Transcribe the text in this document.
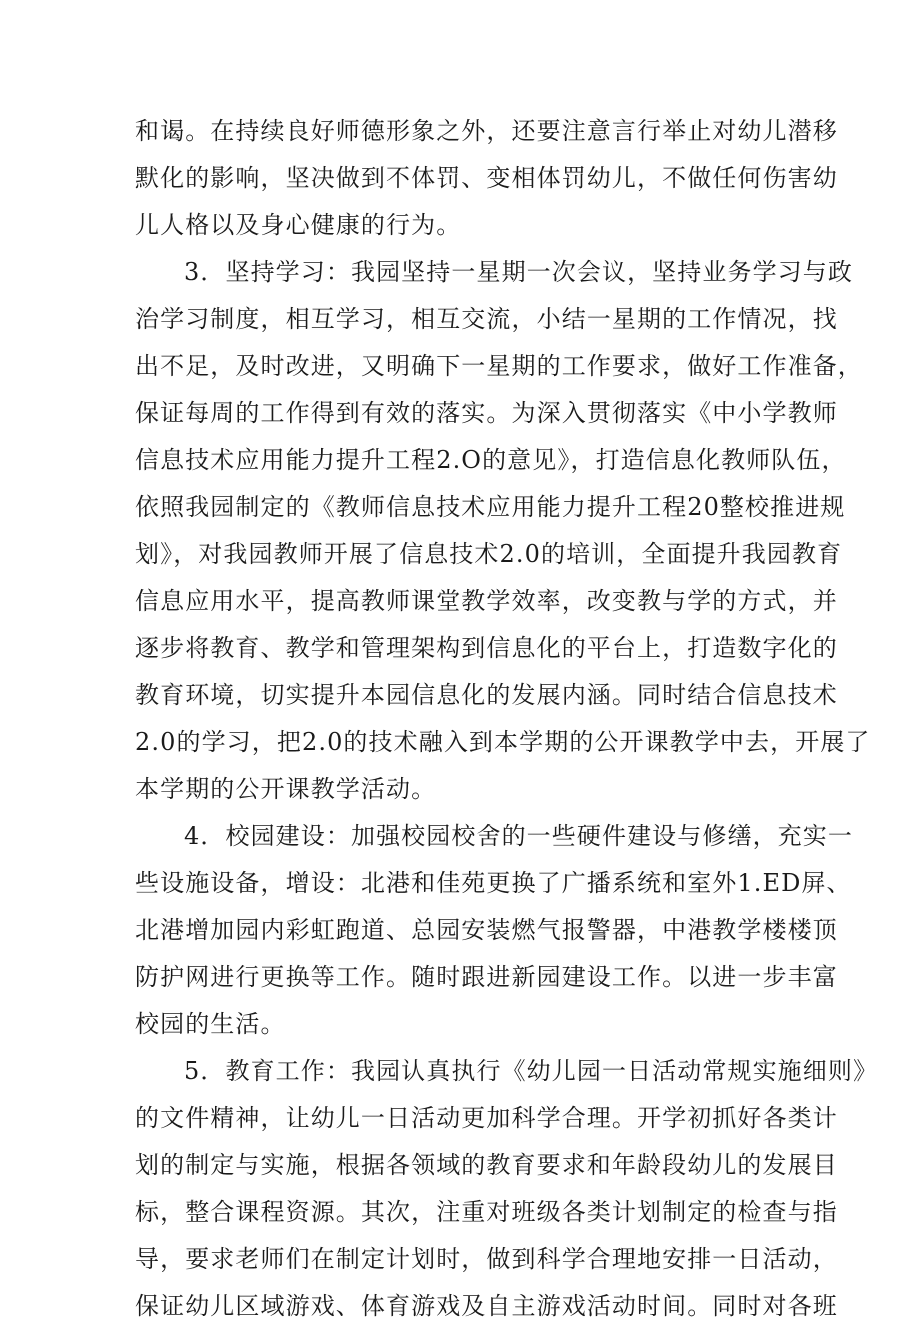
和谒。在持续良好师德形象之外，还要注意言行举止对幼儿潜移
默化的影响，坚决做到不体罚、变相体罚幼儿，不做任何伤害幼
儿人格以及身心健康的行为。
3．坚持学习：我园坚持一星期一次会议，坚持业务学习与政
治学习制度，相互学习，相互交流，小结一星期的工作情况，找
出不足，及时改进，又明确下一星期的工作要求，做好工作准备，
保证每周的工作得到有效的落实。为深入贯彻落实《中小学教师
信息技术应用能力提升工程2.O的意见》，打造信息化教师队伍，
依照我园制定的《教师信息技术应用能力提升工程20整校推进规
划》，对我园教师开展了信息技术2.0的培训，全面提升我园教育
信息应用水平，提高教师课堂教学效率，改变教与学的方式，并
逐步将教育、教学和管理架构到信息化的平台上，打造数字化的
教育环境，切实提升本园信息化的发展内涵。同时结合信息技术
2.0的学习，把2.0的技术融入到本学期的公开课教学中去，开展了
本学期的公开课教学活动。
4．校园建设：加强校园校舍的一些硬件建设与修缮，充实一
些设施设备，增设：北港和佳苑更换了广播系统和室外1.ED屏、
北港增加园内彩虹跑道、总园安装燃气报警器，中港教学楼楼顶
防护网进行更换等工作。随时跟进新园建设工作。以进一步丰富
校园的生活。
5．教育工作：我园认真执行《幼儿园一日活动常规实施细则》
的文件精神，让幼儿一日活动更加科学合理。开学初抓好各类计
划的制定与实施，根据各领域的教育要求和年龄段幼儿的发展目
标，整合课程资源。其次，注重对班级各类计划制定的检查与指
导，要求老师们在制定计划时，做到科学合理地安排一日活动，
保证幼儿区域游戏、体育游戏及自主游戏活动时间。同时对各班
